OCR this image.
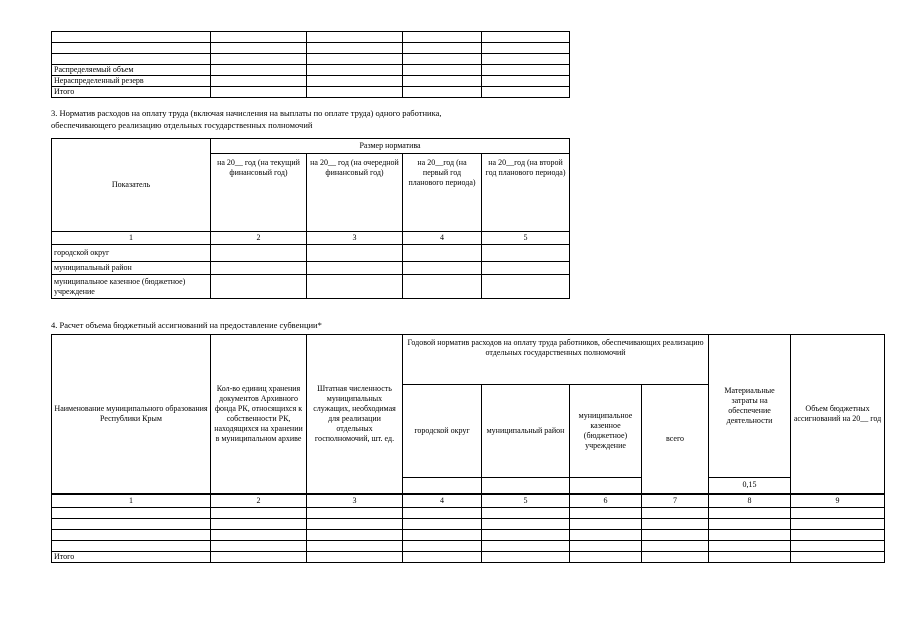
Распределяемый объем				
Нераспределенный резерв				
Итого				
3. Норматив расходов на оплату труда (включая начисления на выплаты по оплате труда) одного работника,
обеспечивающего реализацию отдельных государственных полномочий
Показатель	Размер норматива			
	на 20__ год (на текущий финансовый год)	на 20__ год (на очередной финансовый год)	на 20__год (на первый год планового периода)	на 20__год (на второй год планового периода)
1	2	3	4	5
городской округ				
муниципальный район				
муниципальное казенное (бюджетное) учреждение				
4. Расчет объема бюджетный ассигнований на предоставление субвенции*
Наименование муниципального образования Республики Крым	Кол-во единиц хранения документов Архивного фонда РК, относящихся к собственности РК, находящихся на хранении в муниципальном архиве	Штатная численность муниципальных служащих, необходимая для реализации отдельных госполномочий, шт. ед.	Годовой норматив расходов на оплату труда работников, обеспечивающих реализацию отдельных государственных полномочий				Материальные затраты на обеспечение деятельности	Объем бюджетных ассигнований на 20__ год
			городской округ	муниципальный район	муниципальное казенное (бюджетное) учреждение	всего		
							0,15	
1	2	3	4	5	6	7	8	9

Итого								
